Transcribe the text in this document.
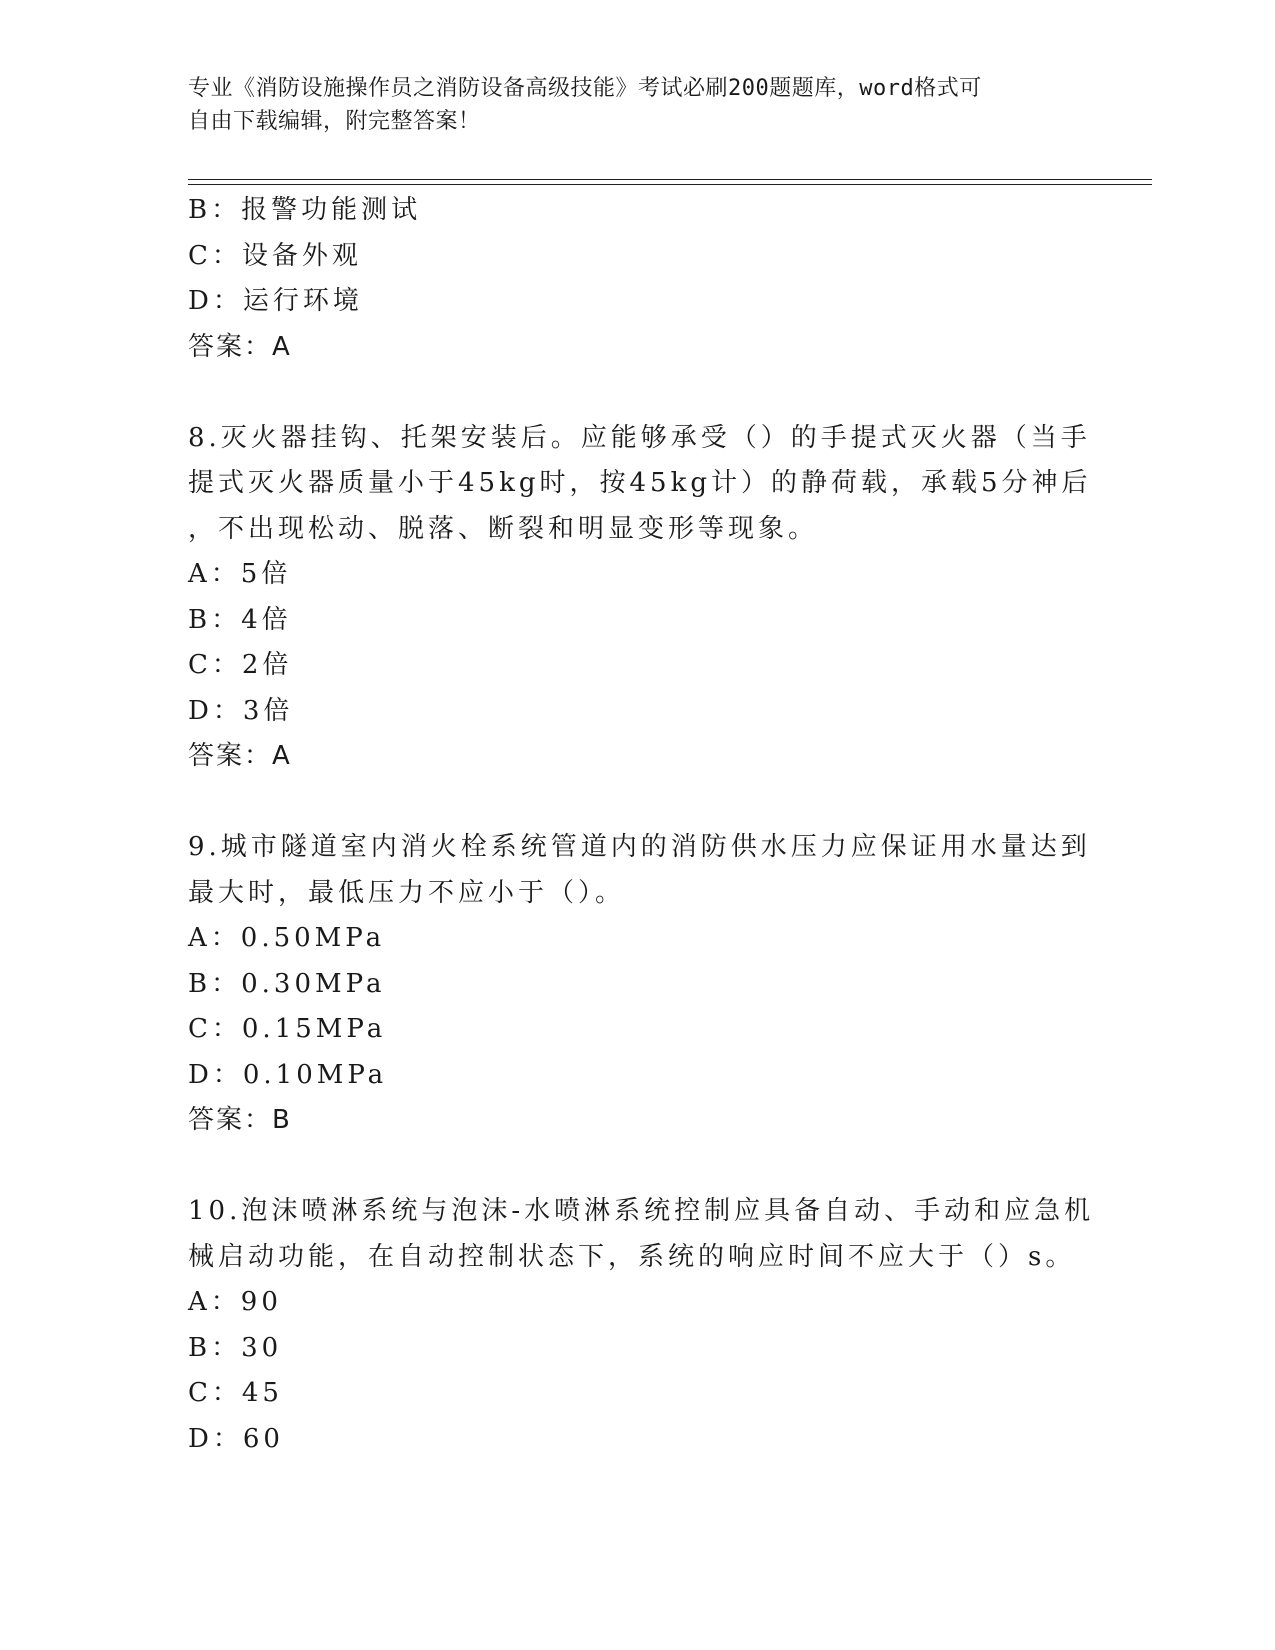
专业《消防设施操作员之消防设备高级技能》考试必刷200题题库，word格式可
自由下载编辑，附完整答案！
B：报警功能测试
C：设备外观
D：运行环境
答案：A
8.灭火器挂钩、托架安装后。应能够承受（）的手提式灭火器（当手
提式灭火器质量小于45kg时，按45kg计）的静荷载，承载5分神后
，不出现松动、脱落、断裂和明显变形等现象。
A：5倍
B：4倍
C：2倍
D：3倍
答案：A
9.城市隧道室内消火栓系统管道内的消防供水压力应保证用水量达到
最大时，最低压力不应小于（）。
A：0.50MPa
B：0.30MPa
C：0.15MPa
D：0.10MPa
答案：B
10.泡沫喷淋系统与泡沫-水喷淋系统控制应具备自动、手动和应急机
械启动功能，在自动控制状态下，系统的响应时间不应大于（）s。
A：90
B：30
C：45
D：60
